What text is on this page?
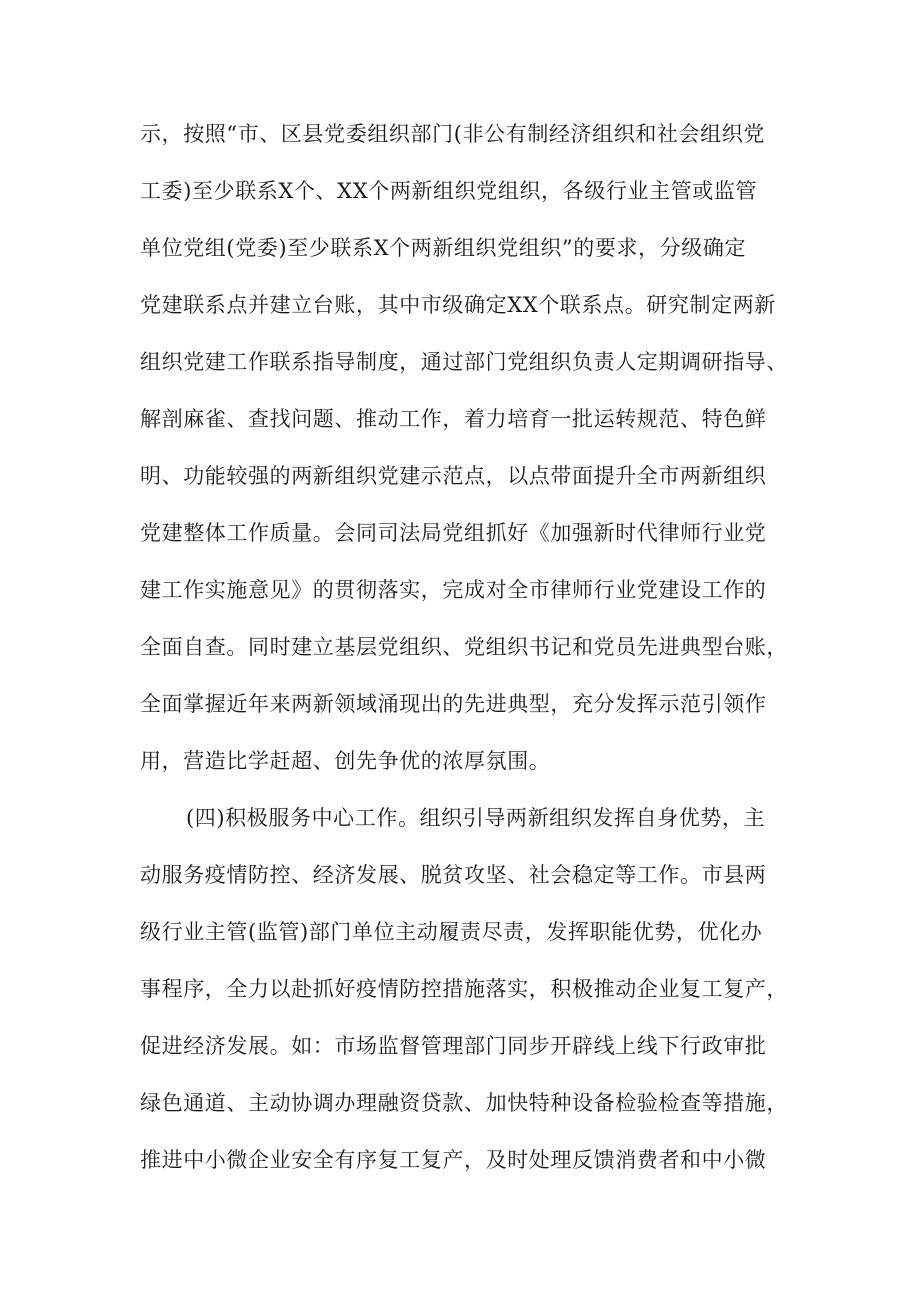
示，按照“市、区县党委组织部门(非公有制经济组织和社会组织党
工委)至少联系X个、XX个两新组织党组织，各级行业主管或监管
单位党组(党委)至少联系X个两新组织党组织”的要求，分级确定
党建联系点并建立台账，其中市级确定XX个联系点。研究制定两新
组织党建工作联系指导制度，通过部门党组织负责人定期调研指导、
解剖麻雀、查找问题、推动工作，着力培育一批运转规范、特色鲜
明、功能较强的两新组织党建示范点，以点带面提升全市两新组织
党建整体工作质量。会同司法局党组抓好《加强新时代律师行业党
建工作实施意见》的贯彻落实，完成对全市律师行业党建设工作的
全面自查。同时建立基层党组织、党组织书记和党员先进典型台账，
全面掌握近年来两新领域涌现出的先进典型，充分发挥示范引领作
用，营造比学赶超、创先争优的浓厚氛围。
(四)积极服务中心工作。组织引导两新组织发挥自身优势，主
动服务疫情防控、经济发展、脱贫攻坚、社会稳定等工作。市县两
级行业主管(监管)部门单位主动履责尽责，发挥职能优势，优化办
事程序，全力以赴抓好疫情防控措施落实，积极推动企业复工复产，
促进经济发展。如：市场监督管理部门同步开辟线上线下行政审批
绿色通道、主动协调办理融资贷款、加快特种设备检验检查等措施，
推进中小微企业安全有序复工复产，及时处理反馈消费者和中小微
